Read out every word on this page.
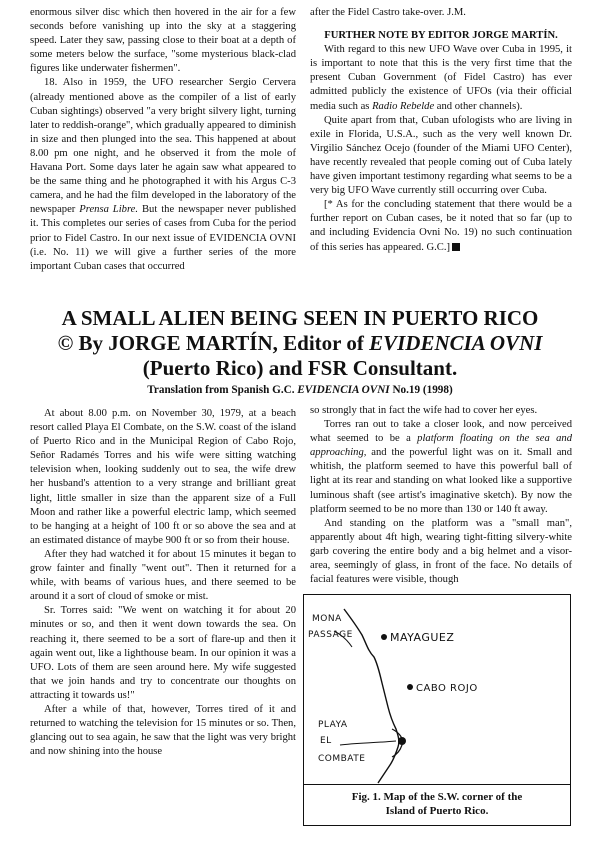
enormous silver disc which then hovered in the air for a few seconds before vanishing up into the sky at a staggering speed. Later they saw, passing close to their boat at a depth of some meters below the surface, "some mysterious black-clad figures like underwater fishermen".

18. Also in 1959, the UFO researcher Sergio Cervera (already mentioned above as the compiler of a list of early Cuban sightings) observed "a very bright silvery light, turning later to reddish-orange", which gradually appeared to diminish in size and then plunged into the sea. This happened at about 8.00 pm one night, and he observed it from the mole of Havana Port. Some days later he again saw what appeared to be the same thing and he photographed it with his Argus C-3 camera, and he had the film developed in the laboratory of the newspaper Prensa Libre. But the newspaper never published it. This completes our series of cases from Cuba for the period prior to Fidel Castro. In our next issue of EVIDENCIA OVNI (i.e. No. 11) we will give a further series of the more important Cuban cases that occurred

after the Fidel Castro take-over. J.M.

FURTHER NOTE BY EDITOR JORGE MARTÍN.

With regard to this new UFO Wave over Cuba in 1995, it is important to note that this is the very first time that the present Cuban Government (of Fidel Castro) has ever admitted publicly the existence of UFOs (via their official media such as Radio Rebelde and other channels).

Quite apart from that, Cuban ufologists who are living in exile in Florida, U.S.A., such as the very well known Dr. Virgilio Sánchez Ocejo (founder of the Miami UFO Center), have recently revealed that people coming out of Cuba lately have given important testimony regarding what seems to be a very big UFO Wave currently still occurring over Cuba.

[* As for the concluding statement that there would be a further report on Cuban cases, be it noted that so far (up to and including Evidencia Ovni No. 19) no such continuation of this series has appeared. G.C.]

A SMALL ALIEN BEING SEEN IN PUERTO RICO
© By JORGE MARTÍN, Editor of EVIDENCIA OVNI
(Puerto Rico) and FSR Consultant.
Translation from Spanish G.C. EVIDENCIA OVNI No.19 (1998)

At about 8.00 p.m. on November 30, 1979, at a beach resort called Playa El Combate, on the S.W. coast of the island of Puerto Rico and in the Municipal Region of Cabo Rojo, Señor Radamés Torres and his wife were sitting watching television when, looking suddenly out to sea, the wife drew her husband's attention to a very strange and brilliant great light, little smaller in size than the apparent size of a Full Moon and rather like a powerful electric lamp, which seemed to be hanging at a height of 100 ft or so above the sea and at an estimated distance of maybe 900 ft or so from their house.

After they had watched it for about 15 minutes it began to grow fainter and finally "went out". Then it returned for a while, with beams of various hues, and there seemed to be around it a sort of cloud of smoke or mist.

Sr. Torres said: "We went on watching it for about 20 minutes or so, and then it went down towards the sea. On reaching it, there seemed to be a sort of flare-up and then it again went out, like a lighthouse beam. In our opinion it was a UFO. Lots of them are seen around here. My wife suggested that we join hands and try to concentrate our thoughts on attracting it towards us!"

After a while of that, however, Torres tired of it and returned to watching the television for 15 minutes or so. Then, glancing out to sea again, he saw that the light was very bright and now shining into the house

so strongly that in fact the wife had to cover her eyes.

Torres ran out to take a closer look, and now perceived what seemed to be a platform floating on the sea and approaching, and the powerful light was on it. Small and whitish, the platform seemed to have this powerful ball of light at its rear and standing on what looked like a supportive luminous shaft (see artist's imaginative sketch). By now the platform seemed to be no more than 130 or 140 ft away.

And standing on the platform was a "small man", apparently about 4ft high, wearing tight-fitting silvery-white garb covering the entire body and a big helmet and a visor-area, seemingly of glass, in front of the face. No details of facial features were visible, though

MONA
PASSAGE	MAYAGUEZ
CABO ROJO
PLAYA
EL
COMBATE
Fig. 1. Map of the S.W. corner of the
Island of Puerto Rico.
